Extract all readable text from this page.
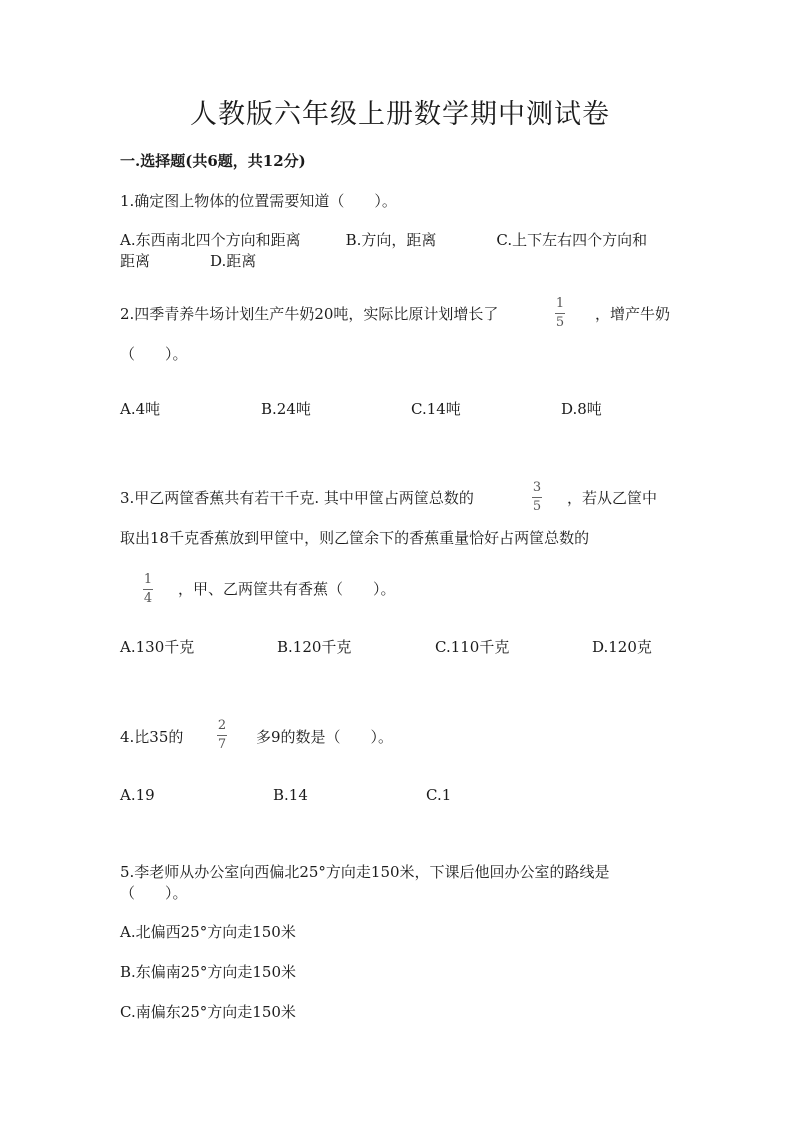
人教版六年级上册数学期中测试卷
一.选择题(共6题，共12分)
1.确定图上物体的位置需要知道（　　）。
A.东西南北四个方向和距离　　　B.方向，距离　　　　C.上下左右四个方向和
距离　　　　D.距离
2.四季青养牛场计划生产牛奶20吨，实际比原计划增长了
1
5 ，增产牛奶
（　　）。
A.4吨	B.24吨	C.14吨	D.8吨
3.甲乙两筐香蕉共有若干千克. 其中甲筐占两筐总数的
3
5 ，若从乙筐中
取出18千克香蕉放到甲筐中，则乙筐余下的香蕉重量恰好占两筐总数的
1
4
，甲、乙两筐共有香蕉（　　）。
A.130千克	B.120千克	C.110千克	D.120克
4.比35的
2
7 多9的数是（　　）。
A.19	B.14	C.1
5.李老师从办公室向西偏北25°方向走150米，下课后他回办公室的路线是
（　　）。
A.北偏西25°方向走150米
B.东偏南25°方向走150米
C.南偏东25°方向走150米
